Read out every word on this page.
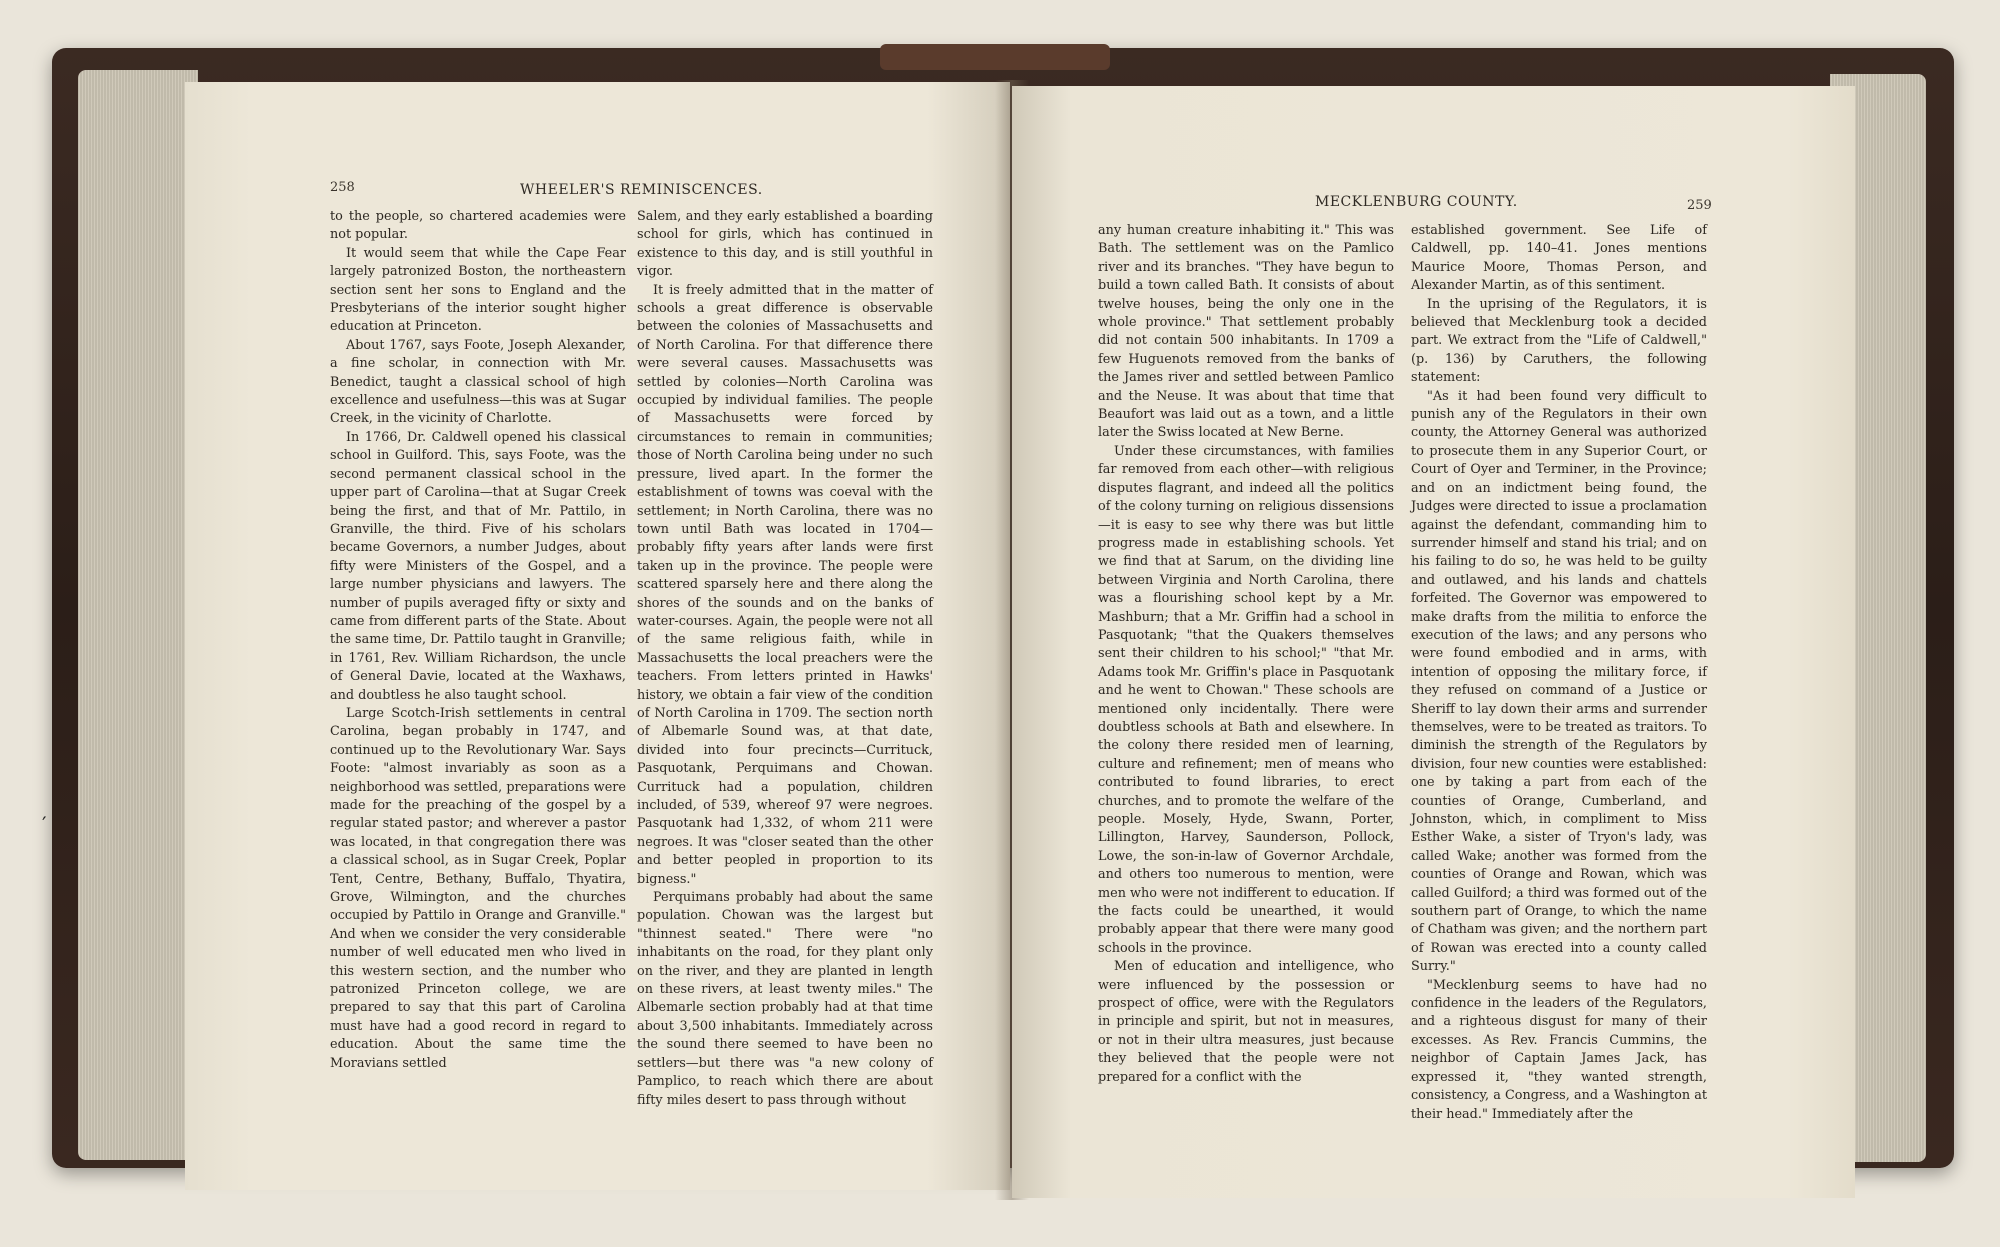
258	WHEELER'S REMINISCENCES.

to the people, so chartered academies were not popular.

It would seem that while the Cape Fear largely patronized Boston, the northeastern section sent her sons to England and the Presbyterians of the interior sought higher education at Princeton.

About 1767, says Foote, Joseph Alexander, a fine scholar, in connection with Mr. Benedict, taught a classical school of high excellence and usefulness—this was at Sugar Creek, in the vicinity of Charlotte.

In 1766, Dr. Caldwell opened his classical school in Guilford. This, says Foote, was the second permanent classical school in the upper part of Carolina—that at Sugar Creek being the first, and that of Mr. Pattilo, in Granville, the third. Five of his scholars became Governors, a number Judges, about fifty were Ministers of the Gospel, and a large number physicians and lawyers. The number of pupils averaged fifty or sixty and came from different parts of the State. About the same time, Dr. Pattilo taught in Granville; in 1761, Rev. William Richardson, the uncle of General Davie, located at the Waxhaws, and doubtless he also taught school.

Large Scotch-Irish settlements in central Carolina, began probably in 1747, and continued up to the Revolutionary War. Says Foote: "almost invariably as soon as a neighborhood was settled, preparations were made for the preaching of the gospel by a regular stated pastor; and wherever a pastor was located, in that congregation there was a classical school, as in Sugar Creek, Poplar Tent, Centre, Bethany, Buffalo, Thyatira, Grove, Wilmington, and the churches occupied by Pattilo in Orange and Granville." And when we consider the very considerable number of well educated men who lived in this western section, and the number who patronized Princeton college, we are prepared to say that this part of Carolina must have had a good record in regard to education. About the same time the Moravians settled

Salem, and they early established a boarding school for girls, which has continued in existence to this day, and is still youthful in vigor.

It is freely admitted that in the matter of schools a great difference is observable between the colonies of Massachusetts and of North Carolina. For that difference there were several causes. Massachusetts was settled by colonies—North Carolina was occupied by individual families. The people of Massachusetts were forced by circumstances to remain in communities; those of North Carolina being under no such pressure, lived apart. In the former the establishment of towns was coeval with the settlement; in North Carolina, there was no town until Bath was located in 1704—probably fifty years after lands were first taken up in the province. The people were scattered sparsely here and there along the shores of the sounds and on the banks of water-courses. Again, the people were not all of the same religious faith, while in Massachusetts the local preachers were the teachers. From letters printed in Hawks' history, we obtain a fair view of the condition of North Carolina in 1709. The section north of Albemarle Sound was, at that date, divided into four precincts—Currituck, Pasquotank, Perquimans and Chowan. Currituck had a population, children included, of 539, whereof 97 were negroes. Pasquotank had 1,332, of whom 211 were negroes. It was "closer seated than the other and better peopled in proportion to its bigness."

Perquimans probably had about the same population. Chowan was the largest but "thinnest seated." There were "no inhabitants on the road, for they plant only on the river, and they are planted in length on these rivers, at least twenty miles." The Albemarle section probably had at that time about 3,500 inhabitants. Immediately across the sound there seemed to have been no settlers—but there was "a new colony of Pamplico, to reach which there are about fifty miles desert to pass through without

MECKLENBURG COUNTY.	259

any human creature inhabiting it." This was Bath. The settlement was on the Pamlico river and its branches. "They have begun to build a town called Bath. It consists of about twelve houses, being the only one in the whole province." That settlement probably did not contain 500 inhabitants. In 1709 a few Huguenots removed from the banks of the James river and settled between Pamlico and the Neuse. It was about that time that Beaufort was laid out as a town, and a little later the Swiss located at New Berne.

Under these circumstances, with families far removed from each other—with religious disputes flagrant, and indeed all the politics of the colony turning on religious dissensions—it is easy to see why there was but little progress made in establishing schools. Yet we find that at Sarum, on the dividing line between Virginia and North Carolina, there was a flourishing school kept by a Mr. Mashburn; that a Mr. Griffin had a school in Pasquotank; "that the Quakers themselves sent their children to his school;" "that Mr. Adams took Mr. Griffin's place in Pasquotank and he went to Chowan." These schools are mentioned only incidentally. There were doubtless schools at Bath and elsewhere. In the colony there resided men of learning, culture and refinement; men of means who contributed to found libraries, to erect churches, and to promote the welfare of the people. Mosely, Hyde, Swann, Porter, Lillington, Harvey, Saunderson, Pollock, Lowe, the son-in-law of Governor Archdale, and others too numerous to mention, were men who were not indifferent to education. If the facts could be unearthed, it would probably appear that there were many good schools in the province.

Men of education and intelligence, who were influenced by the possession or prospect of office, were with the Regulators in principle and spirit, but not in measures, or not in their ultra measures, just because they believed that the people were not prepared for a conflict with the

established government. See Life of Caldwell, pp. 140–41. Jones mentions Maurice Moore, Thomas Person, and Alexander Martin, as of this sentiment.

In the uprising of the Regulators, it is believed that Mecklenburg took a decided part. We extract from the "Life of Caldwell," (p. 136) by Caruthers, the following statement:

"As it had been found very difficult to punish any of the Regulators in their own county, the Attorney General was authorized to prosecute them in any Superior Court, or Court of Oyer and Terminer, in the Province; and on an indictment being found, the Judges were directed to issue a proclamation against the defendant, commanding him to surrender himself and stand his trial; and on his failing to do so, he was held to be guilty and outlawed, and his lands and chattels forfeited. The Governor was empowered to make drafts from the militia to enforce the execution of the laws; and any persons who were found embodied and in arms, with intention of opposing the military force, if they refused on command of a Justice or Sheriff to lay down their arms and surrender themselves, were to be treated as traitors. To diminish the strength of the Regulators by division, four new counties were established: one by taking a part from each of the counties of Orange, Cumberland, and Johnston, which, in compliment to Miss Esther Wake, a sister of Tryon's lady, was called Wake; another was formed from the counties of Orange and Rowan, which was called Guilford; a third was formed out of the southern part of Orange, to which the name of Chatham was given; and the northern part of Rowan was erected into a county called Surry."

"Mecklenburg seems to have had no confidence in the leaders of the Regulators, and a righteous disgust for many of their excesses. As Rev. Francis Cummins, the neighbor of Captain James Jack, has expressed it, "they wanted strength, consistency, a Congress, and a Washington at their head." Immediately after the

′
